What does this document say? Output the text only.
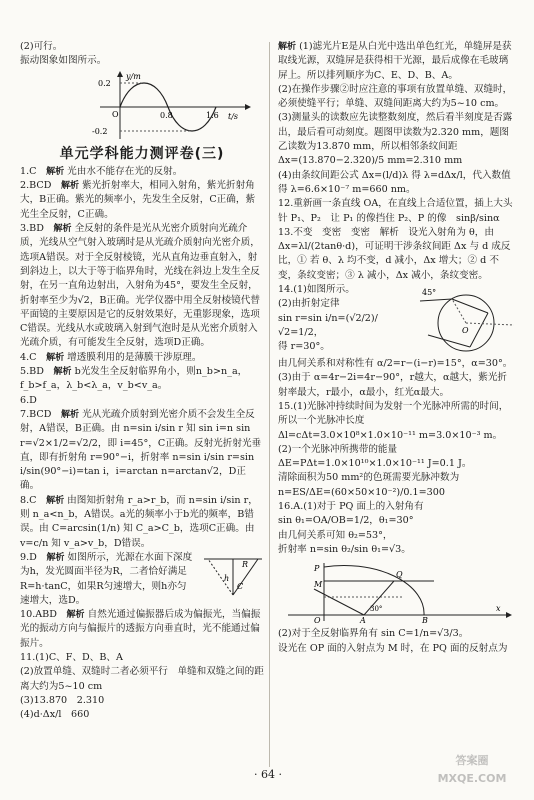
(2)可行。

振动图象如图所示。

y/m
t/s
0.2
-0.2
O	0.8	1.6
单元学科能力测评卷(三)

1.C　 解析 光由水不能存在光的反射。

2.BCD　 解析 紫光折射率大，相同入射角，紫光折射角大，B正确。紫光的频率小，先发生全反射，C正确，紫光生全反射，C正确。

3.BD　 解析 全反射的条件是光从光密介质射向光疏介质，光线从空气射入玻璃时是从光疏介质射向光密介质，选项A错误。对于全反射棱镜，光从直角边垂直射入，射到斜边上，以大于等于临界角时，光线在斜边上发生全反射，在另一直角边射出，入射角为45°，要发生全反射，折射率至少为√2，B正确。光学仪器中用全反射棱镜代替平面镜的主要原因是它的反射效果好，无重影现象，选项C错误。光线从水或玻璃入射到气泡时是从光密介质射入光疏介质，有可能发生全反射，选项D正确。

4.C　 解析 增透膜利用的是薄膜干涉原理。

5.BD　 解析 b光发生全反射临界角小，则n_b>n_a，f_b>f_a，λ_b<λ_a，v_b<v_a。

6.D

7.BCD　 解析 光从光疏介质射到光密介质不会发生全反射，A错误，B正确。由 n=sin i/sin r 知 sin i=n sin r=√2×1/2=√2/2，即 i=45°，C正确。反射光折射光垂直，即有折射角 r=90°−i，折射率 n=sin i/sin r=sin i/sin(90°−i)=tan i，i=arctan n=arctan√2，D正确。

8.C　 解析 由图知折射角 r_a>r_b，而 n=sin i/sin r，则 n_a<n_b，A错误。a光的频率小于b光的频率，B错误。由 C=arcsin(1/n) 知 C_a>C_b，选项C正确。由 v=c/n 知 v_a>v_b，D错误。

h
R
C

9.D　 解析 如图所示，光源在水面下深度为h，发光圆面半径为R，二者恰好满足 R=h·tanC，如果R匀速增大，则h亦匀速增大，选D。

10.ABD　 解析 自然光通过偏振器后成为偏振光，当偏振光的振动方向与偏振片的透振方向垂直时，光不能通过偏振片。

11.(1)C、F、D、B、A

(2)放置单缝、双缝时二者必须平行　单缝和双缝之间的距离大约为5~10 cm

(3)13.870　2.310

(4)d·Δx/l　660

解析 (1)滤光片E是从白光中选出单色红光，单缝屏是获取线光源，双缝屏是获得相干光源，最后成像在毛玻璃屏上。所以排列顺序为C、E、D、B、A。

(2)在操作步骤②时应注意的事项有放置单缝、双缝时，必须使缝平行；单缝、双缝间距离大约为5~10 cm。

(3)测量头的读数应先读整数刻度，然后看半刻度是否露出，最后看可动刻度。题图甲读数为2.320 mm，题图乙读数为13.870 mm，所以相邻条纹间距

Δx=(13.870−2.320)/5 mm=2.310 mm

(4)由条纹间距公式 Δx=(l/d)λ 得 λ=dΔx/l，代入数值得 λ=6.6×10⁻⁷ m=660 nm。

12.重新画一条直线 OA，在直线上合适位置，插上大头针 P₁、P₂　让 P₁ 的像挡住 P₂、P 的像　sinβ/sinα

13.不变　变密　变密　解析　设光入射角为 θ，由 Δx=λl/(2tanθ·d)，可证明干涉条纹间距 Δx 与 d 成反比，① 若 θ、λ 均不变，d 减小，Δx 增大；② d 不变，条纹变密；③ λ 减小，Δx 减小，条纹变密。

45°
O

14.(1)如图所示。

(2)由折射定律

sin r=sin i/n=(√2/2)/√2=1/2，

得 r=30°。

由几何关系和对称性有 α/2=r−(i−r)=15°，α=30°。

(3)由于 α=4r−2i=4r−90°，r越大，α越大，紫光折射率最大，r最小，α最小，红光α最大。

15.(1)光脉冲持续时间为发射一个光脉冲所需的时间，所以一个光脉冲长度

Δl=cΔt=3.0×10⁸×1.0×10⁻¹¹ m=3.0×10⁻³ m。

(2)一个光脉冲所携带的能量

ΔE=PΔt=1.0×10¹⁰×1.0×10⁻¹¹ J=0.1 J。

清除面积为50 mm²的色斑需要光脉冲数为

n=ES/ΔE=(60×50×10⁻²)/0.1=300

16.A.(1)对于 PQ 面上的入射角有

sin θ₁=OA/OB=1/2，θ₁=30°

由几何关系可知 θ₂=53°，

折射率 n=sin θ₂/sin θ₁=√3。

M
P
Q
O	A	B
x
30°

(2)对于全反射临界角有 sin C=1/n=√3/3。

设光在 OP 面的入射点为 M 时，在 PQ 面的反射点为

· 64 ·
答案圈
MXQE.COM
